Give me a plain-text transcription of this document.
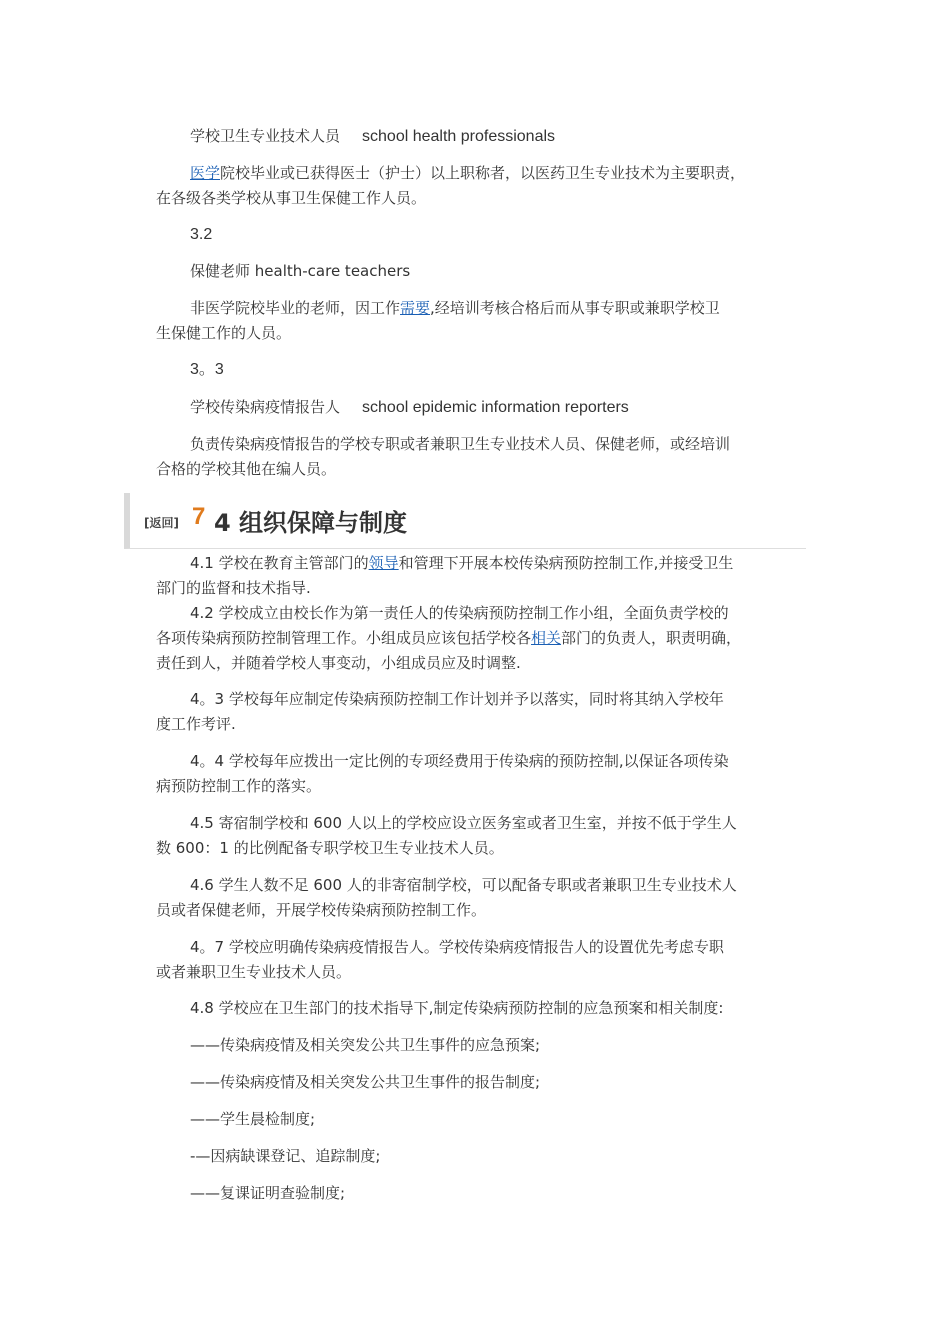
学校卫生专业技术人员 school health professionals
医学院校毕业或已获得医士（护士）以上职称者，以医药卫生专业技术为主要职责，
在各级各类学校从事卫生保健工作人员。
3.2
保健老师 health-care teachers
非医学院校毕业的老师，因工作需要,经培训考核合格后而从事专职或兼职学校卫
生保健工作的人员。
3。3
学校传染病疫情报告人 school epidemic information reporters
负责传染病疫情报告的学校专职或者兼职卫生专业技术人员、保健老师，或经培训
合格的学校其他在编人员。
[返回] 7 4 组织保障与制度
4.1 学校在教育主管部门的领导和管理下开展本校传染病预防控制工作,并接受卫生
部门的监督和技术指导.
4.2 学校成立由校长作为第一责任人的传染病预防控制工作小组，全面负责学校的
各项传染病预防控制管理工作。小组成员应该包括学校各相关部门的负责人，职责明确，
责任到人，并随着学校人事变动，小组成员应及时调整.
4。3 学校每年应制定传染病预防控制工作计划并予以落实，同时将其纳入学校年
度工作考评.
4。4 学校每年应拨出一定比例的专项经费用于传染病的预防控制,以保证各项传染
病预防控制工作的落实。
4.5 寄宿制学校和 600 人以上的学校应设立医务室或者卫生室，并按不低于学生人
数 600：1 的比例配备专职学校卫生专业技术人员。
4.6 学生人数不足 600 人的非寄宿制学校，可以配备专职或者兼职卫生专业技术人
员或者保健老师，开展学校传染病预防控制工作。
4。7 学校应明确传染病疫情报告人。学校传染病疫情报告人的设置优先考虑专职
或者兼职卫生专业技术人员。
4.8 学校应在卫生部门的技术指导下,制定传染病预防控制的应急预案和相关制度:
——传染病疫情及相关突发公共卫生事件的应急预案;
——传染病疫情及相关突发公共卫生事件的报告制度;
——学生晨检制度;
-—因病缺课登记、追踪制度;
——复课证明查验制度;
